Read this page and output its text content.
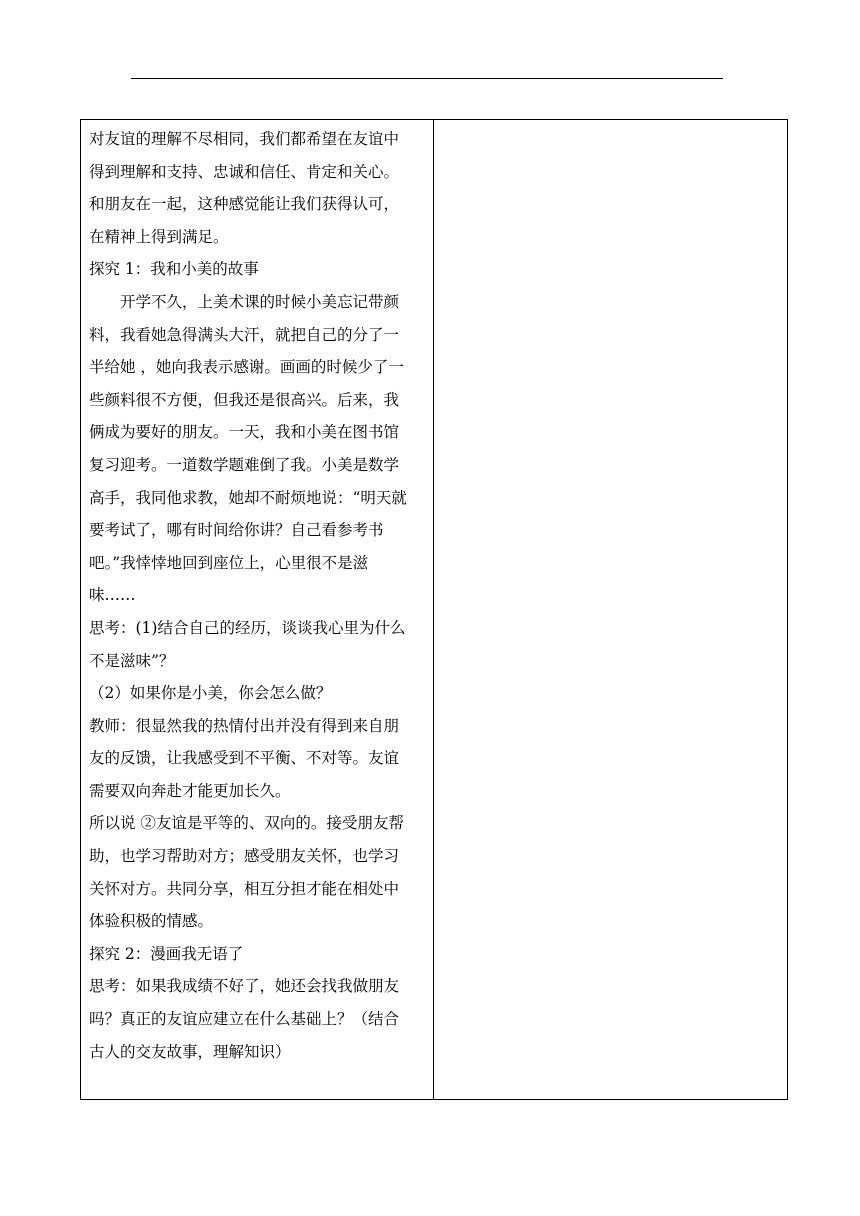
对友谊的理解不尽相同，我们都希望在友谊中
得到理解和支持、忠诚和信任、肯定和关心。
和朋友在一起，这种感觉能让我们获得认可，
在精神上得到满足。
探究 1：我和小美的故事
开学不久，上美术课的时候小美忘记带颜
料，我看她急得满头大汗，就把自己的分了一
半给她 ，她向我表示感谢。画画的时候少了一
些颜料很不方便，但我还是很高兴。后来，我
俩成为要好的朋友。一天，我和小美在图书馆
复习迎考。一道数学题难倒了我。小美是数学
高手，我同他求教，她却不耐烦地说：“明天就
要考试了，哪有时间给你讲？自己看参考书
吧。”我悻悻地回到座位上，心里很不是滋
味……
思考：(1)结合自己的经历，谈谈我心里为什么
不是滋味”？
（2）如果你是小美，你会怎么做？
教师：很显然我的热情付出并没有得到来自朋
友的反馈，让我感受到不平衡、不对等。友谊
需要双向奔赴才能更加长久。
所以说 ②友谊是平等的、双向的。接受朋友帮
助，也学习帮助对方；感受朋友关怀，也学习
关怀对方。共同分享，相互分担才能在相处中
体验积极的情感。
探究 2：漫画我无语了
思考：如果我成绩不好了，她还会找我做朋友
吗？真正的友谊应建立在什么基础上？（结合
古人的交友故事，理解知识）
